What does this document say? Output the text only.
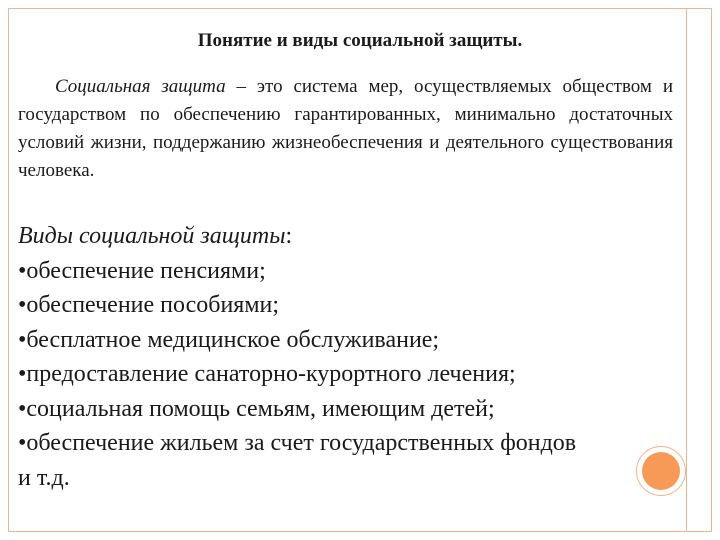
Понятие и виды социальной защиты.
Социальная защита – это система мер, осуществляемых обществом и государством по обеспечению гарантированных, минимально достаточных условий жизни, поддержанию жизнеобеспечения и деятельного существования человека.
Виды социальной защиты:
•обеспечение пенсиями;
•обеспечение пособиями;
•бесплатное медицинское обслуживание;
•предоставление санаторно-курортного лечения;
•социальная помощь семьям, имеющим детей;
•обеспечение жильем за счет государственных фондов
и т.д.
